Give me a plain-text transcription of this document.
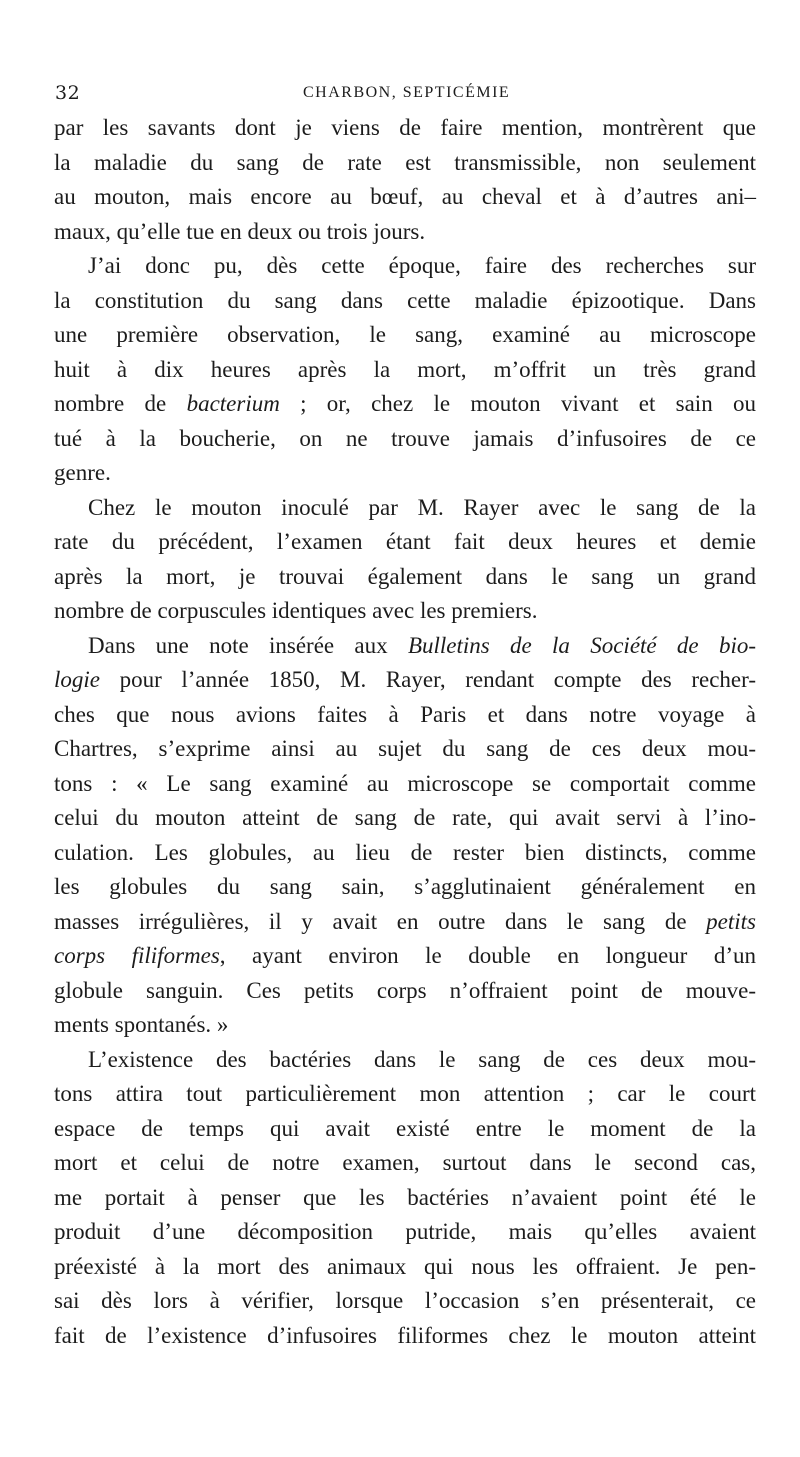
32	CHARBON, SEPTICÉMIE
par les savants dont je viens de faire mention, montrèrent que
la maladie du sang de rate est transmissible, non seulement
au mouton, mais encore au bœuf, au cheval et à d’autres ani–
maux, qu’elle tue en deux ou trois jours.
J’ai donc pu, dès cette époque, faire des recherches sur
la constitution du sang dans cette maladie épizootique. Dans
une première observation, le sang, examiné au microscope
huit à dix heures après la mort, m’offrit un très grand
nombre de bacterium ; or, chez le mouton vivant et sain ou
tué à la boucherie, on ne trouve jamais d’infusoires de ce
genre.
Chez le mouton inoculé par M. Rayer avec le sang de la
rate du précédent, l’examen étant fait deux heures et demie
après la mort, je trouvai également dans le sang un grand
nombre de corpuscules identiques avec les premiers.
Dans une note insérée aux Bulletins de la Société de bio-
logie pour l’année 1850, M. Rayer, rendant compte des recher-
ches que nous avions faites à Paris et dans notre voyage à
Chartres, s’exprime ainsi au sujet du sang de ces deux mou-
tons : « Le sang examiné au microscope se comportait comme
celui du mouton atteint de sang de rate, qui avait servi à l’ino-
culation. Les globules, au lieu de rester bien distincts, comme
les globules du sang sain, s’agglutinaient généralement en
masses irrégulières, il y avait en outre dans le sang de petits
corps filiformes, ayant environ le double en longueur d’un
globule sanguin. Ces petits corps n’offraient point de mouve-
ments spontanés. »
L’existence des bactéries dans le sang de ces deux mou-
tons attira tout particulièrement mon attention ; car le court
espace de temps qui avait existé entre le moment de la
mort et celui de notre examen, surtout dans le second cas,
me portait à penser que les bactéries n’avaient point été le
produit d’une décomposition putride, mais qu’elles avaient
préexisté à la mort des animaux qui nous les offraient. Je pen-
sai dès lors à vérifier, lorsque l’occasion s’en présenterait, ce
fait de l’existence d’infusoires filiformes chez le mouton atteint
